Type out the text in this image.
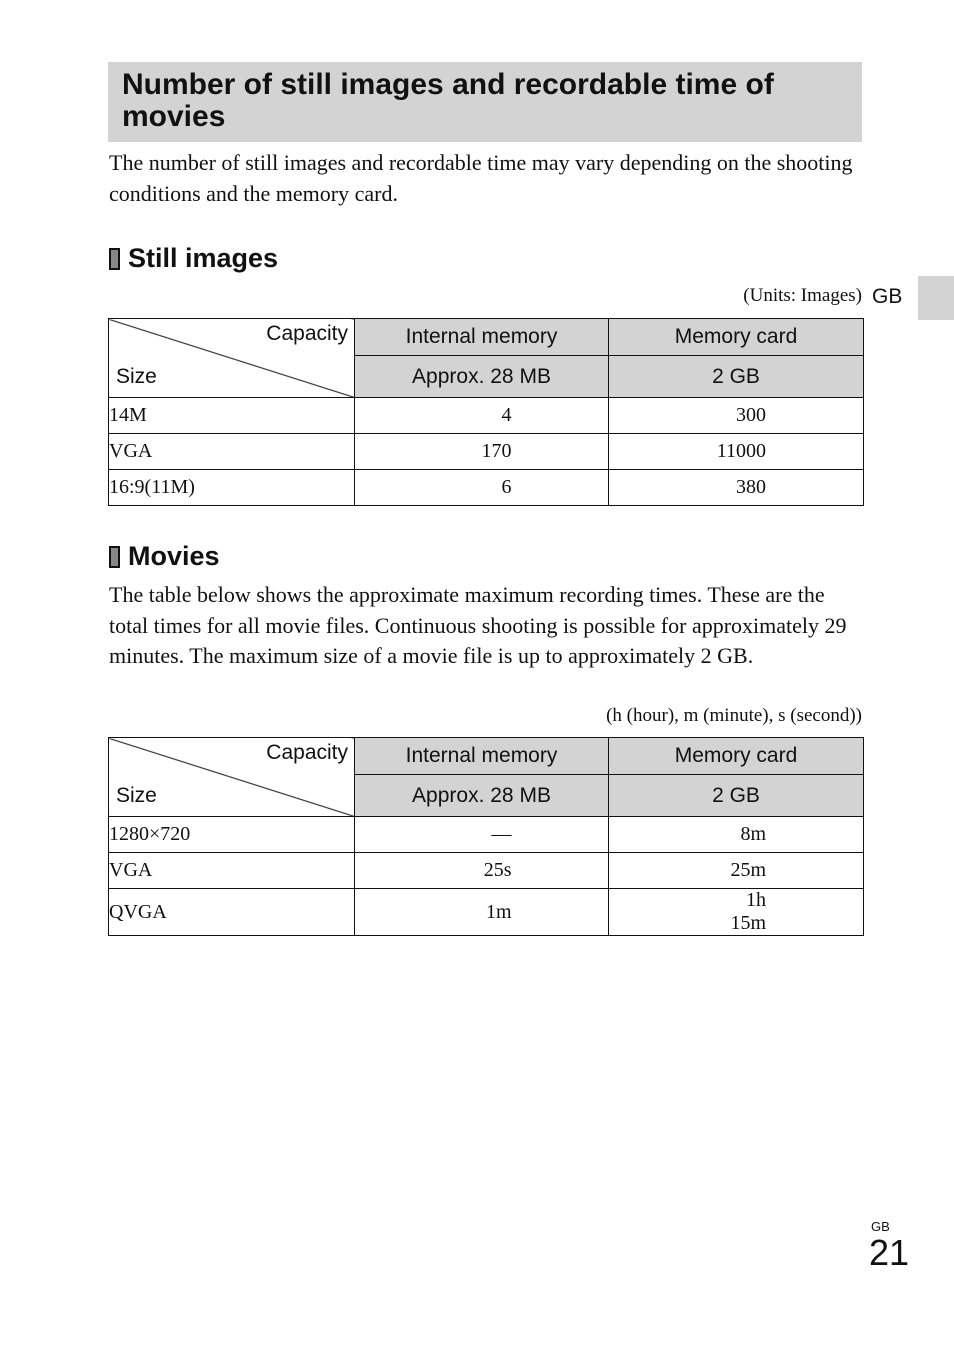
Number of still images and recordable time of movies

The number of still images and recordable time may vary depending on the shooting conditions and the memory card.

GB
Still images

(Units: Images)

Capacity
Size	Internal memory	Memory card
	Approx. 28 MB	2 GB
14M	4	300
VGA	170	11000
16:9(11M)	6	380
Movies

The table below shows the approximate maximum recording times. These are the total times for all movie files. Continuous shooting is possible for approximately 29 minutes. The maximum size of a movie file is up to approximately 2 GB.

(h (hour), m (minute), s (second))

Capacity
Size	Internal memory	Memory card
	Approx. 28 MB	2 GB
1280×720	—	8m
VGA	25s	25m
QVGA	1m	1h 15m
GB
21
